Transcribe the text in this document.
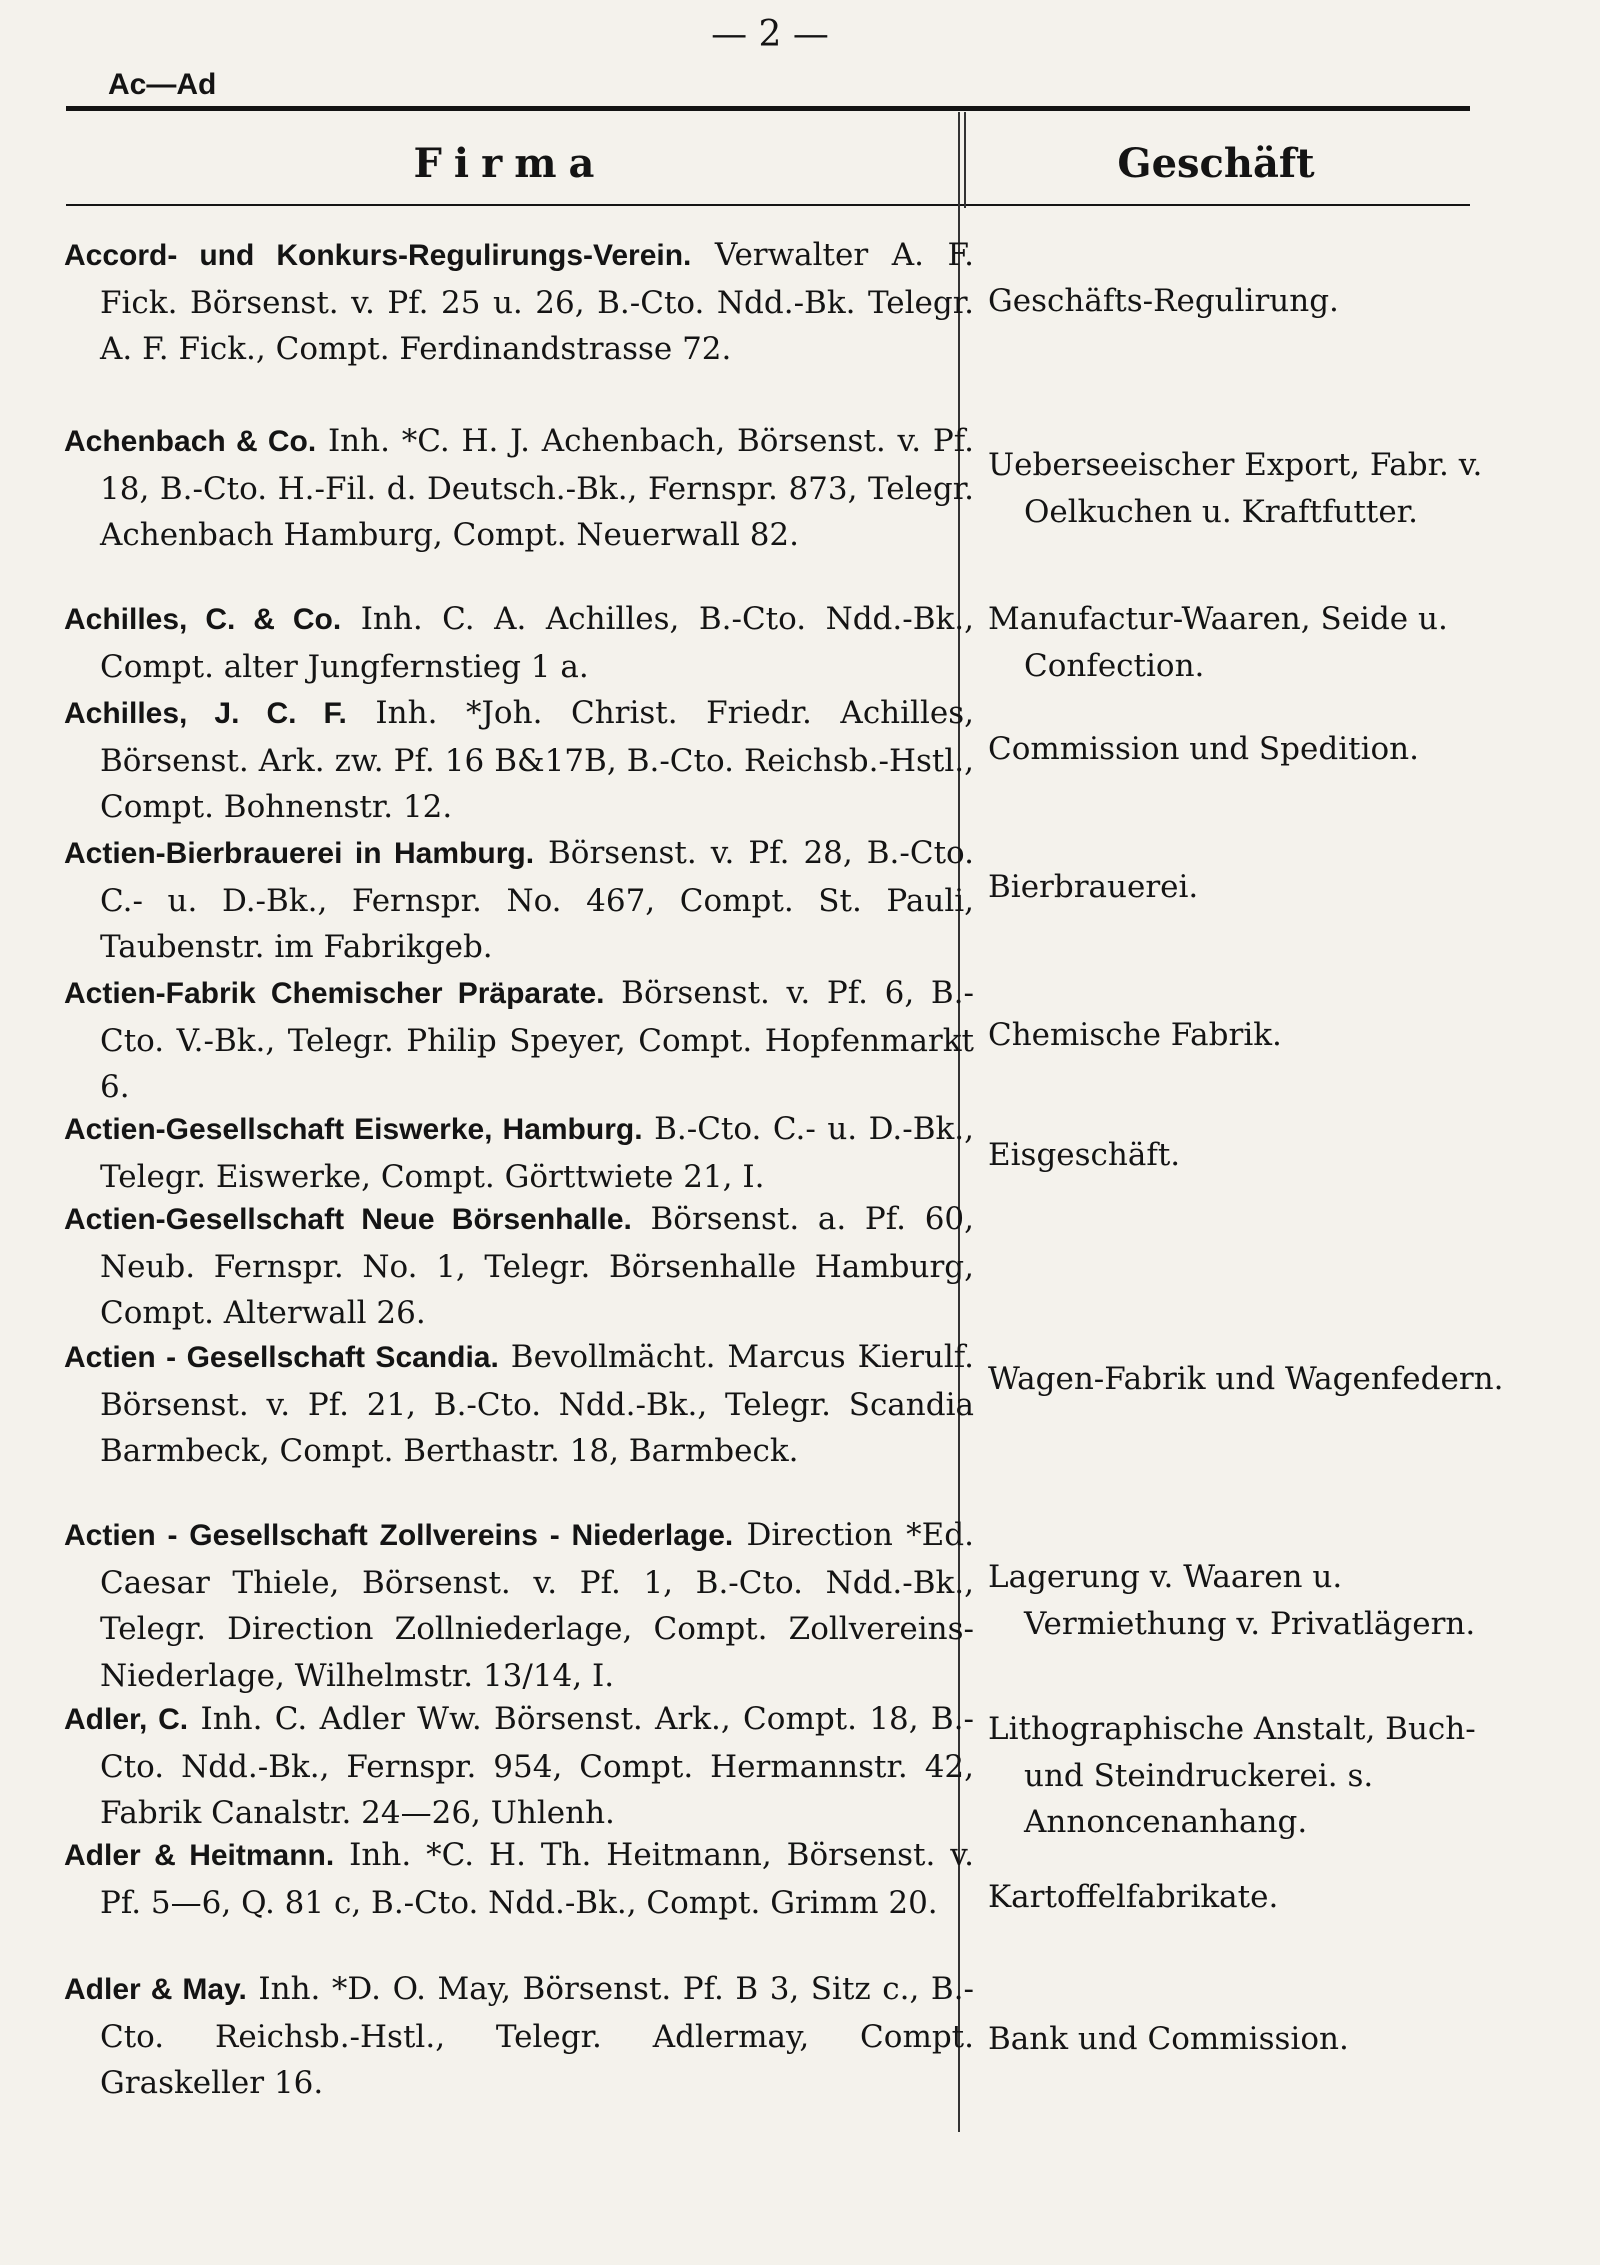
— 2 —
Ac—Ad
Firma	Geschäft
Accord- und Konkurs-Regulirungs-Verein. Verwalter A. F. Fick. Börsenst. v. Pf. 25 u. 26, B.-Cto. Ndd.-Bk. Telegr. A. F. Fick., Compt. Ferdinandstrasse 72.
Geschäfts-Regulirung.
Achenbach & Co. Inh. *C. H. J. Achenbach, Börsenst. v. Pf. 18, B.-Cto. H.-Fil. d. Deutsch.-Bk., Fernspr. 873, Telegr. Achenbach Hamburg, Compt. Neuerwall 82.
Ueberseeischer Export, Fabr. v. Oelkuchen u. Kraftfutter.
Achilles, C. & Co. Inh. C. A. Achilles, B.-Cto. Ndd.-Bk., Compt. alter Jungfernstieg 1 a.
Manufactur-Waaren, Seide u. Confection.
Achilles, J. C. F. Inh. *Joh. Christ. Friedr. Achilles, Börsenst. Ark. zw. Pf. 16 B&17B, B.-Cto. Reichsb.-Hstl., Compt. Bohnenstr. 12.
Commission und Spedition.
Actien-Bierbrauerei in Hamburg. Börsenst. v. Pf. 28, B.-Cto. C.- u. D.-Bk., Fernspr. No. 467, Compt. St. Pauli, Taubenstr. im Fabrikgeb.
Bierbrauerei.
Actien-Fabrik Chemischer Präparate. Börsenst. v. Pf. 6, B.-Cto. V.-Bk., Telegr. Philip Speyer, Compt. Hopfenmarkt 6.
Chemische Fabrik.
Actien-Gesellschaft Eiswerke, Hamburg. B.-Cto. C.- u. D.-Bk., Telegr. Eiswerke, Compt. Görttwiete 21, I.
Eisgeschäft.
Actien-Gesellschaft Neue Börsenhalle. Börsenst. a. Pf. 60, Neub. Fernspr. No. 1, Telegr. Börsenhalle Hamburg, Compt. Alterwall 26.
Actien - Gesellschaft Scandia. Bevollmächt. Marcus Kierulf. Börsenst. v. Pf. 21, B.-Cto. Ndd.-Bk., Telegr. Scandia Barmbeck, Compt. Berthastr. 18, Barmbeck.
Wagen-Fabrik und Wagenfedern.
Actien - Gesellschaft Zollvereins - Niederlage. Direction *Ed. Caesar Thiele, Börsenst. v. Pf. 1, B.-Cto. Ndd.-Bk., Telegr. Direction Zollniederlage, Compt. Zollvereins-Niederlage, Wilhelmstr. 13/14, I.
Lagerung v. Waaren u. Vermiethung v. Privatlägern.
Adler, C. Inh. C. Adler Ww. Börsenst. Ark., Compt. 18, B.-Cto. Ndd.-Bk., Fernspr. 954, Compt. Hermannstr. 42, Fabrik Canalstr. 24—26, Uhlenh.
Lithographische Anstalt, Buch- und Steindruckerei. s. Annoncenanhang.
Adler & Heitmann. Inh. *C. H. Th. Heitmann, Börsenst. v. Pf. 5—6, Q. 81 c, B.-Cto. Ndd.-Bk., Compt. Grimm 20.	Kartoffelfabrikate.
Adler & May. Inh. *D. O. May, Börsenst. Pf. B 3, Sitz c., B.-Cto. Reichsb.-Hstl., Telegr. Adlermay, Compt. Graskeller 16.
Bank und Commission.
